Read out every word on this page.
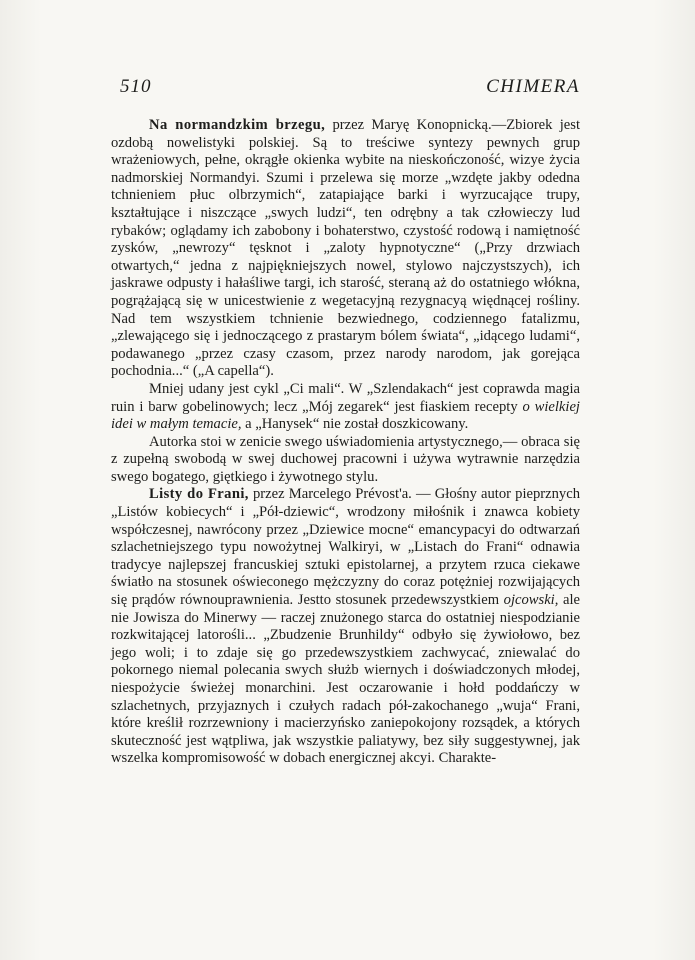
510	CHIMERA

Na normandzkim brzegu, przez Maryę Konopnicką.—Zbiorek jest ozdobą nowelistyki polskiej. Są to treściwe syntezy pewnych grup wrażeniowych, pełne, okrągłe okienka wybite na nieskończoność, wizye życia nadmorskiej Normandyi. Szumi i przelewa się morze „wzdęte jakby odedna tchnieniem płuc olbrzymich“, zatapiające barki i wyrzucające trupy, kształtujące i niszczące „swych ludzi“, ten odrębny a tak człowieczy lud rybaków; oglądamy ich zabobony i bohaterstwo, czystość rodową i namiętność zysków, „newrozy“ tęsknot i „zaloty hypnotyczne“ („Przy drzwiach otwartych,“ jedna z najpiękniejszych nowel, stylowo najczystszych), ich jaskrawe odpusty i hałaśliwe targi, ich starość, steraną aż do ostatniego włókna, pogrążającą się w unicestwienie z wegetacyjną rezygnacyą więdnącej rośliny. Nad tem wszystkiem tchnienie bezwiednego, codziennego fatalizmu, „zlewającego się i jednoczącego z prastarym bólem świata“, „idącego ludami“, podawanego „przez czasy czasom, przez narody narodom, jak gorejąca pochodnia...“ („A capella“).

Mniej udany jest cykl „Ci mali“. W „Szlendakach“ jest coprawda magia ruin i barw gobelinowych; lecz „Mój zegarek“ jest fiaskiem recepty o wielkiej idei w małym temacie, a „Hanysek“ nie został doszkicowany.

Autorka stoi w zenicie swego uświadomienia artystycznego,— obraca się z zupełną swobodą w swej duchowej pracowni i używa wytrawnie narzędzia swego bogatego, giętkiego i żywotnego stylu.

Listy do Frani, przez Marcelego Prévost'a. — Głośny autor pieprznych „Listów kobiecych“ i „Pół-dziewic“, wrodzony miłośnik i znawca kobiety współczesnej, nawrócony przez „Dziewice mocne“ emancypacyi do odtwarzań szlachetniejszego typu nowożytnej Walkiryi, w „Listach do Frani“ odnawia tradycye najlepszej francuskiej sztuki epistolarnej, a przytem rzuca ciekawe światło na stosunek oświeconego mężczyzny do coraz potężniej rozwijających się prądów równouprawnienia. Jestto stosunek przedewszystkiem ojcowski, ale nie Jowisza do Minerwy — raczej znużonego starca do ostatniej niespodzianie rozkwitającej latorośli... „Zbudzenie Brunhildy“ odbyło się żywiołowo, bez jego woli; i to zdaje się go przedewszystkiem zachwycać, zniewalać do pokornego niemal polecania swych służb wiernych i doświadczonych młodej, niespożycie świeżej monarchini. Jest oczarowanie i hołd poddańczy w szlachetnych, przyjaznych i czułych radach pół-zakochanego „wuja“ Frani, które kreślił rozrzewniony i macierzyńsko zaniepokojony rozsądek, a których skuteczność jest wątpliwa, jak wszystkie paliatywy, bez siły suggestywnej, jak wszelka kompromisowość w dobach energicznej akcyi. Charakte-
